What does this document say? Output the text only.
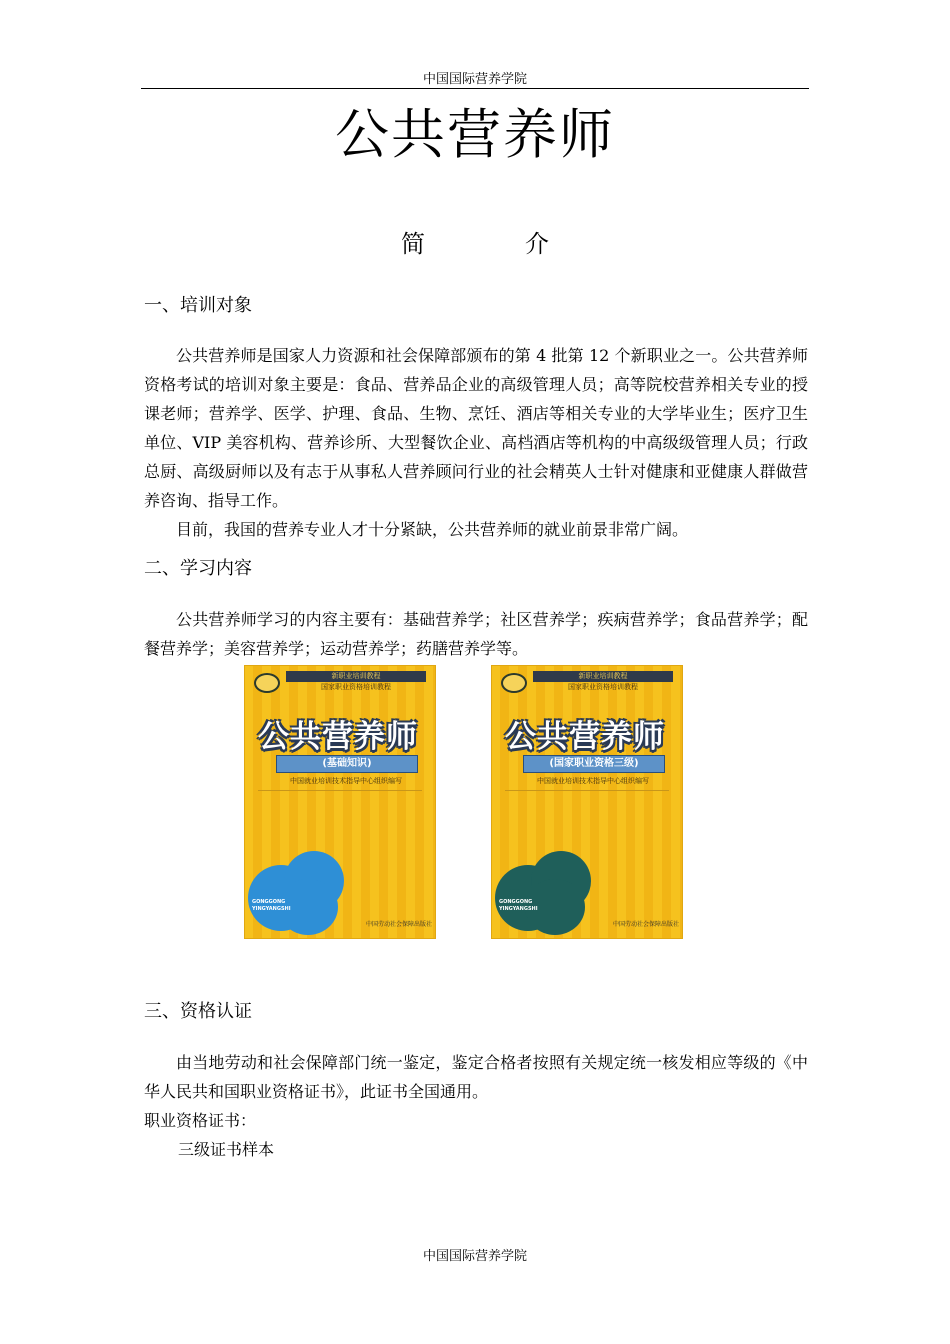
中国国际营养学院
公共营养师
简　介
一、培训对象

公共营养师是国家人力资源和社会保障部颁布的第 4 批第 12 个新职业之一。公共营养师资格考试的培训对象主要是：食品、营养品企业的高级管理人员；高等院校营养相关专业的授课老师；营养学、医学、护理、食品、生物、烹饪、酒店等相关专业的大学毕业生；医疗卫生单位、VIP 美容机构、营养诊所、大型餐饮企业、高档酒店等机构的中高级级管理人员；行政总厨、高级厨师以及有志于从事私人营养顾问行业的社会精英人士针对健康和亚健康人群做营养咨询、指导工作。

目前，我国的营养专业人才十分紧缺，公共营养师的就业前景非常广阔。

二、学习内容

公共营养师学习的内容主要有：基础营养学；社区营养学；疾病营养学；食品营养学；配餐营养学；美容营养学；运动营养学；药膳营养学等。

新职业培训教程
国家职业资格培训教程
公共营养师
(基础知识)
中国就业培训技术指导中心组织编写
GONGGONG YINGYANGSHI
中国劳动社会保障出版社
新职业培训教程
国家职业资格培训教程
公共营养师
(国家职业资格三级)
中国就业培训技术指导中心组织编写
GONGGONG YINGYANGSHI
中国劳动社会保障出版社
三、资格认证

由当地劳动和社会保障部门统一鉴定，鉴定合格者按照有关规定统一核发相应等级的《中华人民共和国职业资格证书》，此证书全国通用。

职业资格证书：
三级证书样本
中国国际营养学院
